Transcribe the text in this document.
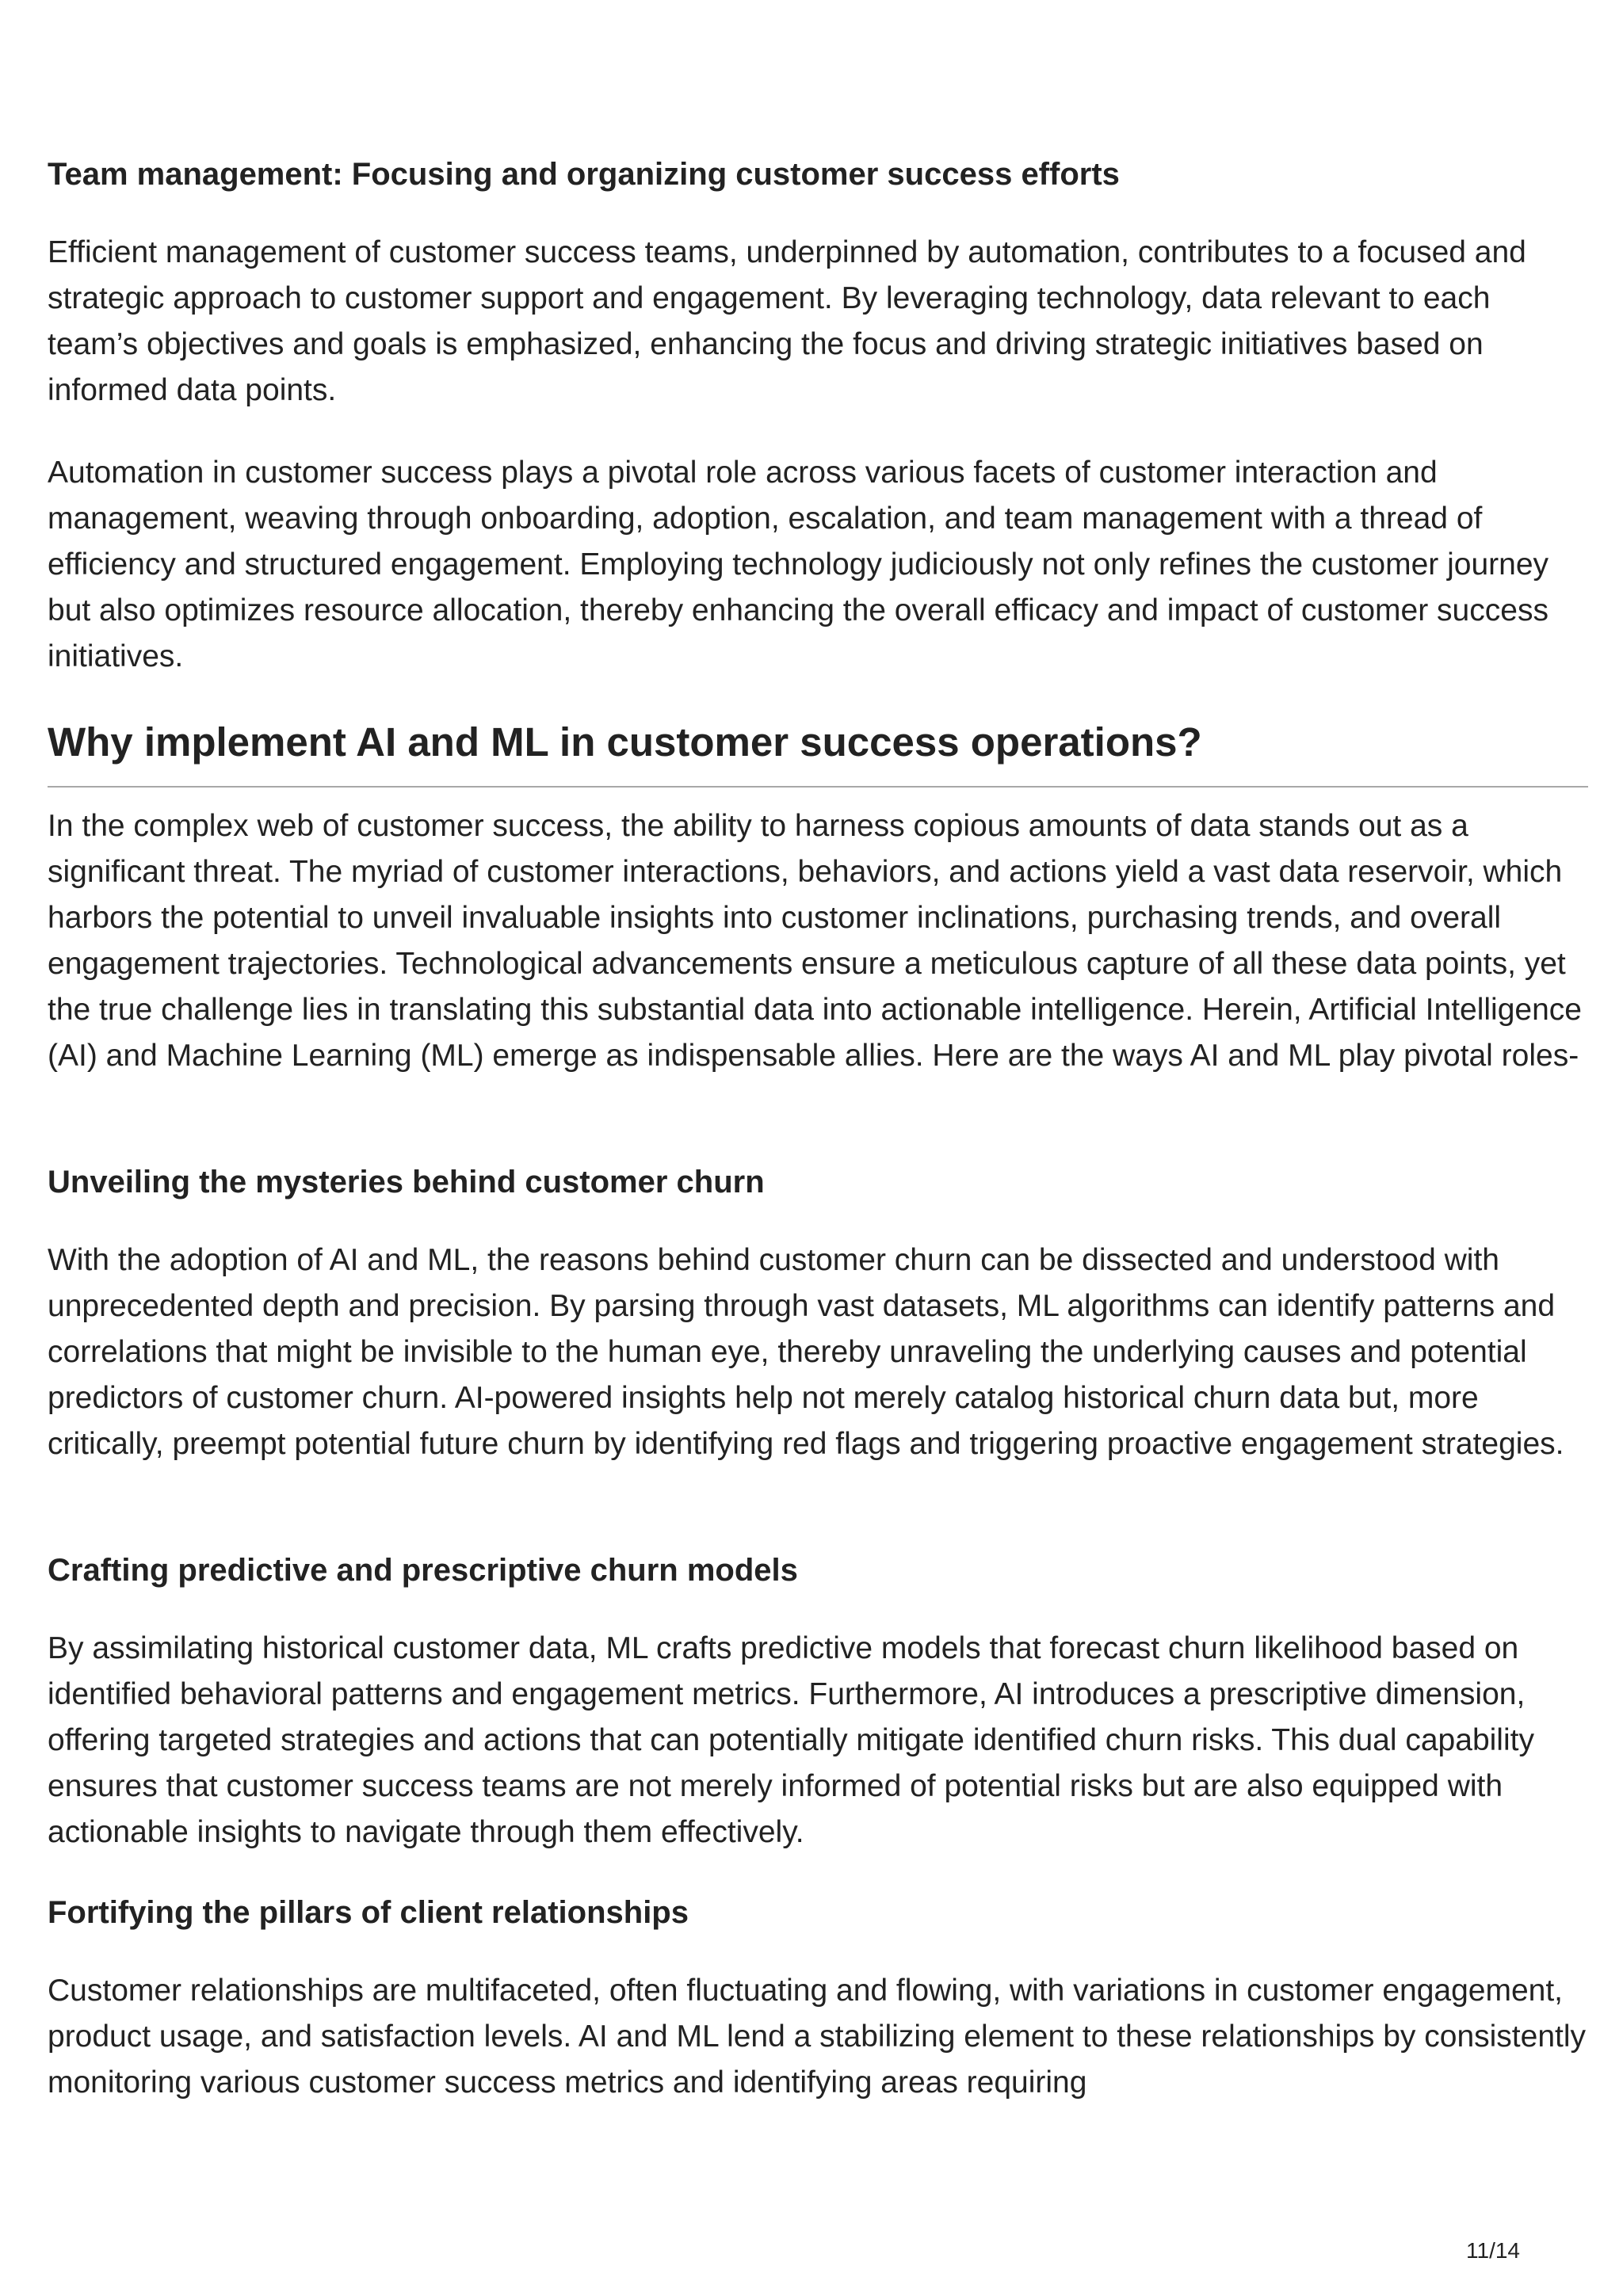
Team management: Focusing and organizing customer success efforts

Efficient management of customer success teams, underpinned by automation, contributes to a focused and strategic approach to customer support and engagement. By leveraging technology, data relevant to each team’s objectives and goals is emphasized, enhancing the focus and driving strategic initiatives based on informed data points.

Automation in customer success plays a pivotal role across various facets of customer interaction and management, weaving through onboarding, adoption, escalation, and team management with a thread of efficiency and structured engagement. Employing technology judiciously not only refines the customer journey but also optimizes resource allocation, thereby enhancing the overall efficacy and impact of customer success initiatives.

Why implement AI and ML in customer success operations?

In the complex web of customer success, the ability to harness copious amounts of data stands out as a significant threat. The myriad of customer interactions, behaviors, and actions yield a vast data reservoir, which harbors the potential to unveil invaluable insights into customer inclinations, purchasing trends, and overall engagement trajectories. Technological advancements ensure a meticulous capture of all these data points, yet the true challenge lies in translating this substantial data into actionable intelligence. Herein, Artificial Intelligence (AI) and Machine Learning (ML) emerge as indispensable allies. Here are the ways AI and ML play pivotal roles-

Unveiling the mysteries behind customer churn

With the adoption of AI and ML, the reasons behind customer churn can be dissected and understood with unprecedented depth and precision. By parsing through vast datasets, ML algorithms can identify patterns and correlations that might be invisible to the human eye, thereby unraveling the underlying causes and potential predictors of customer churn. AI-powered insights help not merely catalog historical churn data but, more critically, preempt potential future churn by identifying red flags and triggering proactive engagement strategies.

Crafting predictive and prescriptive churn models

By assimilating historical customer data, ML crafts predictive models that forecast churn likelihood based on identified behavioral patterns and engagement metrics. Furthermore, AI introduces a prescriptive dimension, offering targeted strategies and actions that can potentially mitigate identified churn risks. This dual capability ensures that customer success teams are not merely informed of potential risks but are also equipped with actionable insights to navigate through them effectively.

Fortifying the pillars of client relationships

Customer relationships are multifaceted, often fluctuating and flowing, with variations in customer engagement, product usage, and satisfaction levels. AI and ML lend a stabilizing element to these relationships by consistently monitoring various customer success metrics and identifying areas requiring

11/14
